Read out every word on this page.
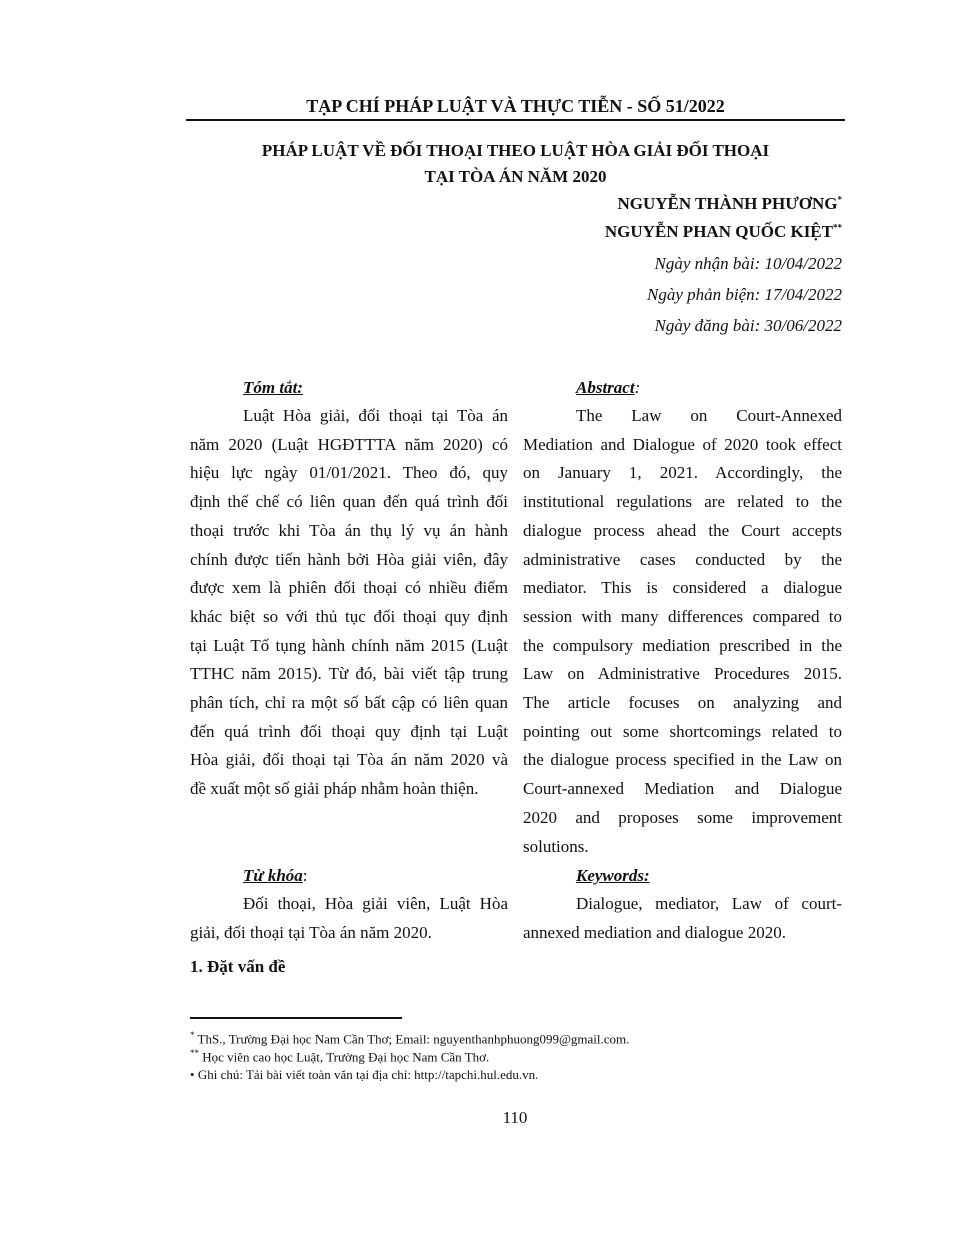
TẠP CHÍ PHÁP LUẬT VÀ THỰC TIỄN - SỐ 51/2022
PHÁP LUẬT VỀ ĐỐI THOẠI THEO LUẬT HÒA GIẢI ĐỐI THOẠI
TẠI TÒA ÁN NĂM 2020
NGUYỄN THÀNH PHƯƠNG*
NGUYỄN PHAN QUỐC KIỆT**
Ngày nhận bài: 10/04/2022
Ngày phản biện: 17/04/2022
Ngày đăng bài: 30/06/2022
Tóm tắt:	Abstract:
Luật Hòa giải, đối thoại tại Tòa án
năm 2020 (Luật HGĐTTTA năm 2020) có
hiệu lực ngày 01/01/2021. Theo đó, quy
định thể chế có liên quan đến quá trình đối
thoại trước khi Tòa án thụ lý vụ án hành
chính được tiến hành bởi Hòa giải viên, đây
được xem là phiên đối thoại có nhiều điểm
khác biệt so với thủ tục đối thoại quy định
tại Luật Tố tụng hành chính năm 2015 (Luật
TTHC năm 2015). Từ đó, bài viết tập trung
phân tích, chỉ ra một số bất cập có liên quan
đến quá trình đối thoại quy định tại Luật
Hòa giải, đối thoại tại Tòa án năm 2020 và
đề xuất một số giải pháp nhằm hoàn thiện.
The Law on Court-Annexed
Mediation and Dialogue of 2020 took effect
on January 1, 2021. Accordingly, the
institutional regulations are related to the
dialogue process ahead the Court accepts
administrative cases conducted by the
mediator. This is considered a dialogue
session with many differences compared to
the compulsory mediation prescribed in the
Law on Administrative Procedures 2015.
The article focuses on analyzing and
pointing out some shortcomings related to
the dialogue process specified in the Law on
Court-annexed Mediation and Dialogue
2020 and proposes some improvement
solutions.
Từ khóa:	Keywords:
Đối thoại, Hòa giải viên, Luật Hòa
giải, đối thoại tại Tòa án năm 2020.
Dialogue, mediator, Law of court-
annexed mediation and dialogue 2020.
1. Đặt vấn đề
* ThS., Trường Đại học Nam Cần Thơ; Email: nguyenthanhphuong099@gmail.com.
** Học viên cao học Luật, Trường Đại học Nam Cần Thơ.
• Ghi chú: Tải bài viết toàn văn tại địa chỉ: http://tapchi.hul.edu.vn.
110
